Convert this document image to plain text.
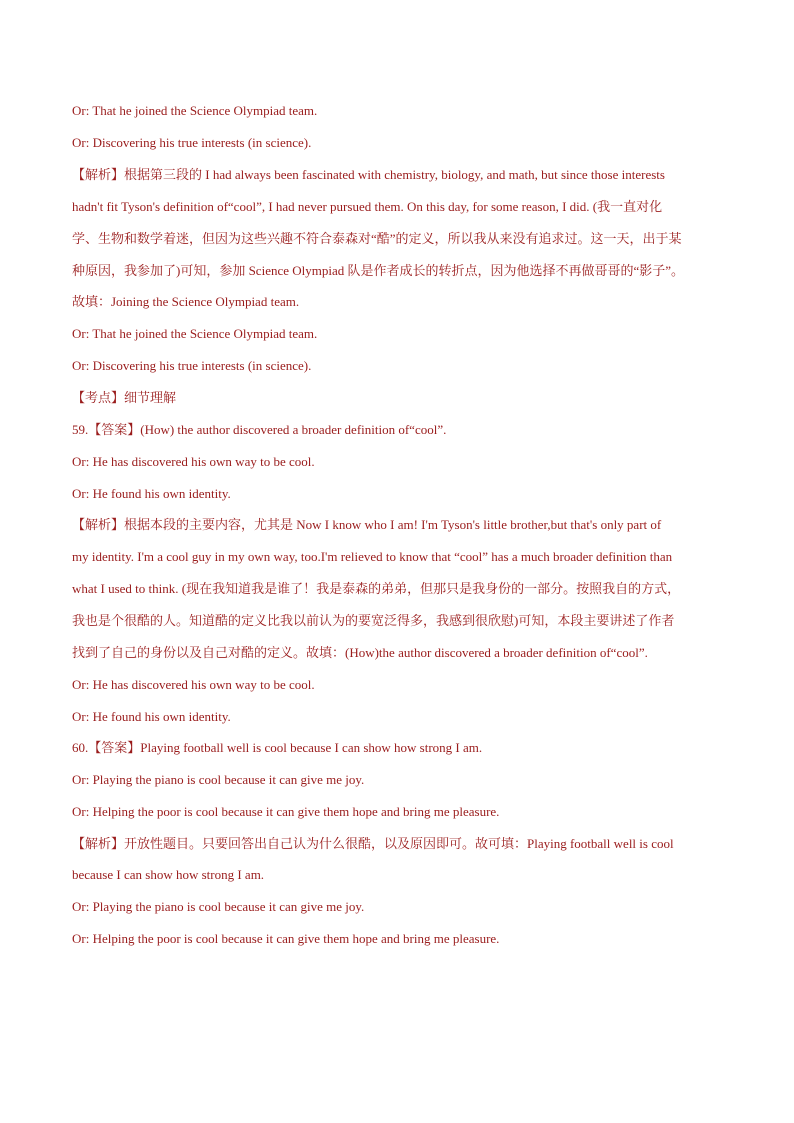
Or: That he joined the Science Olympiad team.
Or: Discovering his true interests (in science).
【解析】根据第三段的 I had always been fascinated with chemistry, biology, and math, but since those interests
hadn't fit Tyson's definition of“cool”, I had never pursued them. On this day, for some reason, I did. (我一直对化
学、生物和数学着迷，但因为这些兴趣不符合泰森对“酷”的定义，所以我从来没有追求过。这一天，出于某
种原因，我参加了)可知，参加 Science Olympiad 队是作者成长的转折点，因为他选择不再做哥哥的“影子”。
故填：Joining the Science Olympiad team.
Or: That he joined the Science Olympiad team.
Or: Discovering his true interests (in science).
【考点】细节理解
59.【答案】(How) the author discovered a broader definition of“cool”.
Or: He has discovered his own way to be cool.
Or: He found his own identity.
【解析】根据本段的主要内容，尤其是 Now I know who I am! I'm Tyson's little brother,but that's only part of
my identity. I'm a cool guy in my own way, too.I'm relieved to know that “cool” has a much broader definition than
what I used to think. (现在我知道我是谁了！我是泰森的弟弟，但那只是我身份的一部分。按照我自的方式，
我也是个很酷的人。知道酷的定义比我以前认为的要宽泛得多，我感到很欣慰)可知，本段主要讲述了作者
找到了自己的身份以及自己对酷的定义。故填：(How)the author discovered a broader definition of“cool”.
Or: He has discovered his own way to be cool.
Or: He found his own identity.
60.【答案】Playing football well is cool because I can show how strong I am.
Or: Playing the piano is cool because it can give me joy.
Or: Helping the poor is cool because it can give them hope and bring me pleasure.
【解析】开放性题目。只要回答出自己认为什么很酷，以及原因即可。故可填：Playing football well is cool
because I can show how strong I am.
Or: Playing the piano is cool because it can give me joy.
Or: Helping the poor is cool because it can give them hope and bring me pleasure.
